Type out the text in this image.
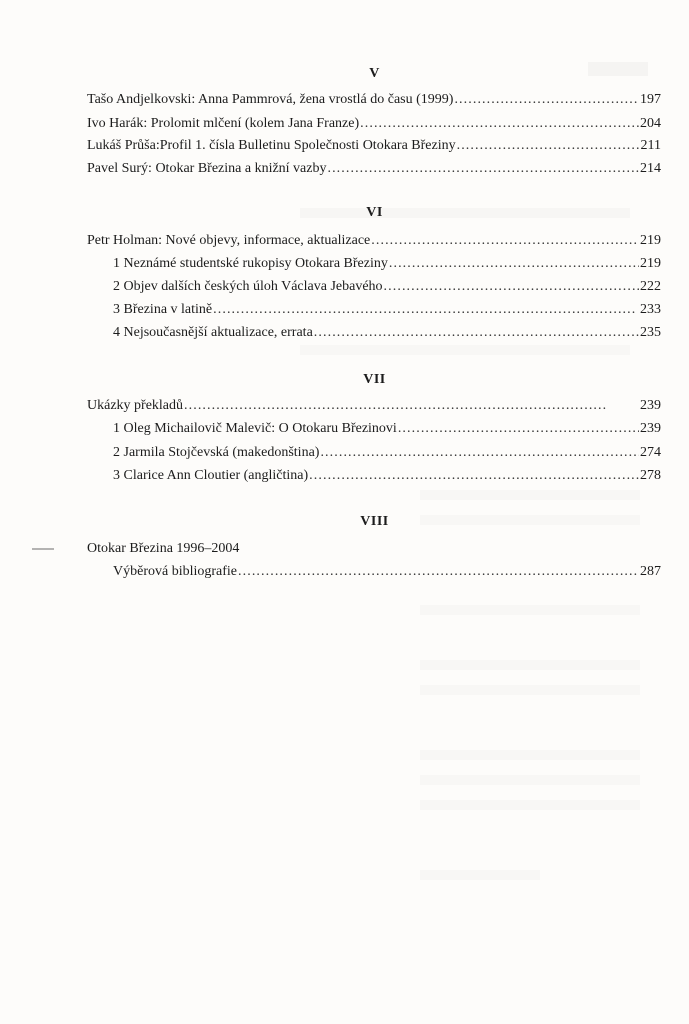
V
Tašo Andjelkovski: Anna Pammrová, žena vrostlá do času (1999) . . .	197
Ivo Harák: Prolomit mlčení (kolem Jana Franze) . . .	204
Lukáš Průša:Profil 1. čísla Bulletinu Společnosti Otokara Březiny . . .	211
Pavel Surý: Otokar Březina a knižní vazby . . .	214
VI
Petr Holman: Nové objevy, informace, aktualizace . . .	219
1 Neznámé studentské rukopisy Otokara Březiny . . .	219
2 Objev dalších českých úloh Václava Jebavého . . .	222
3 Březina v latině . . .	233
4 Nejsoučasnější aktualizace, errata . . .	235
VII
Ukázky překladů . . .	239
1 Oleg Michailovič Malevič: O Otokaru Březinovi . . .	239
2 Jarmila Stojčevská (makedonština) . . .	274
3 Clarice Ann Cloutier (angličtina) . . .	278
VIII
Otokar Březina 1996–2004
Výběrová bibliografie . . .	287
